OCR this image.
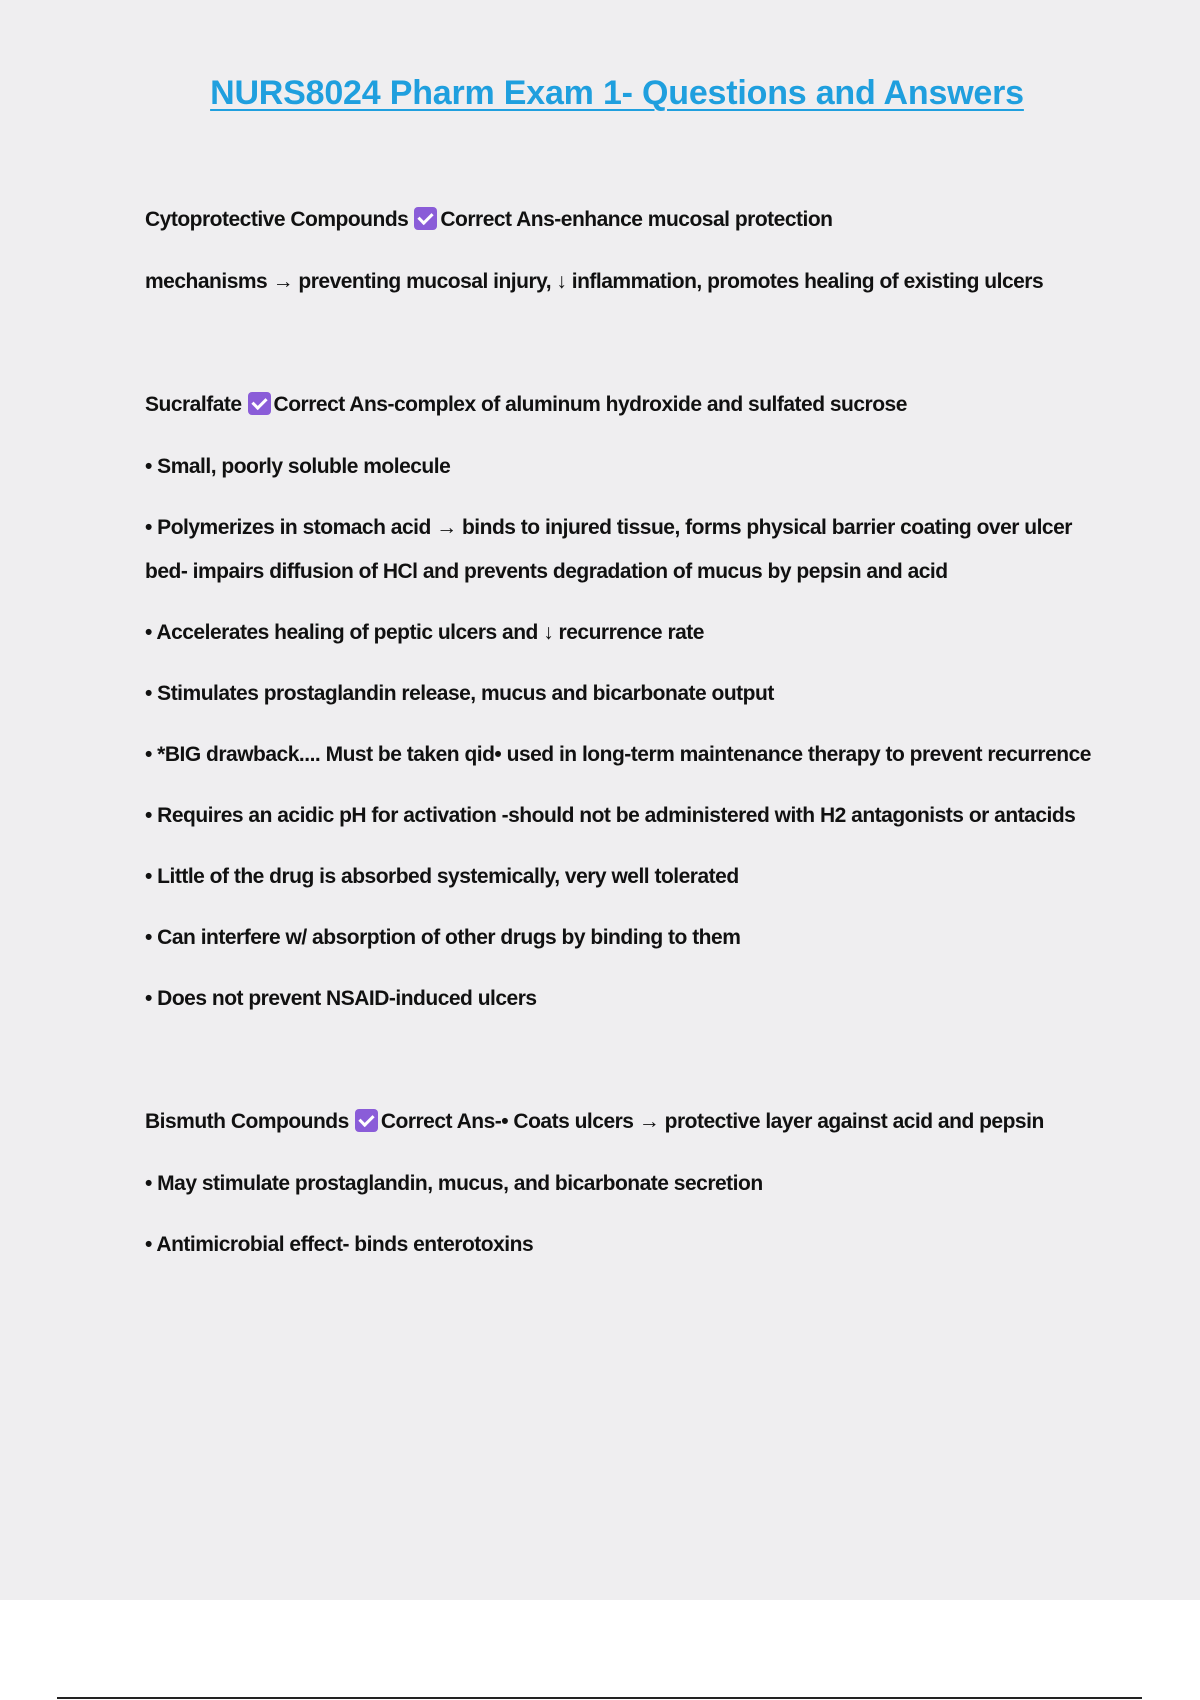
NURS8024 Pharm Exam 1- Questions and Answers

Cytoprotective Compounds Correct Ans-enhance mucosal protection

mechanisms → preventing mucosal injury, ↓ inflammation, promotes healing of existing ulcers

Sucralfate Correct Ans-complex of aluminum hydroxide and sulfated sucrose

• Small, poorly soluble molecule

• Polymerizes in stomach acid → binds to injured tissue, forms physical barrier coating over ulcer bed- impairs diffusion of HCl and prevents degradation of mucus by pepsin and acid

• Accelerates healing of peptic ulcers and ↓ recurrence rate

• Stimulates prostaglandin release, mucus and bicarbonate output

• *BIG drawback.... Must be taken qid• used in long-term maintenance therapy to prevent recurrence

• Requires an acidic pH for activation -should not be administered with H2 antagonists or antacids

• Little of the drug is absorbed systemically, very well tolerated

• Can interfere w/ absorption of other drugs by binding to them

• Does not prevent NSAID-induced ulcers

Bismuth Compounds Correct Ans-• Coats ulcers → protective layer against acid and pepsin

• May stimulate prostaglandin, mucus, and bicarbonate secretion

• Antimicrobial effect- binds enterotoxins
